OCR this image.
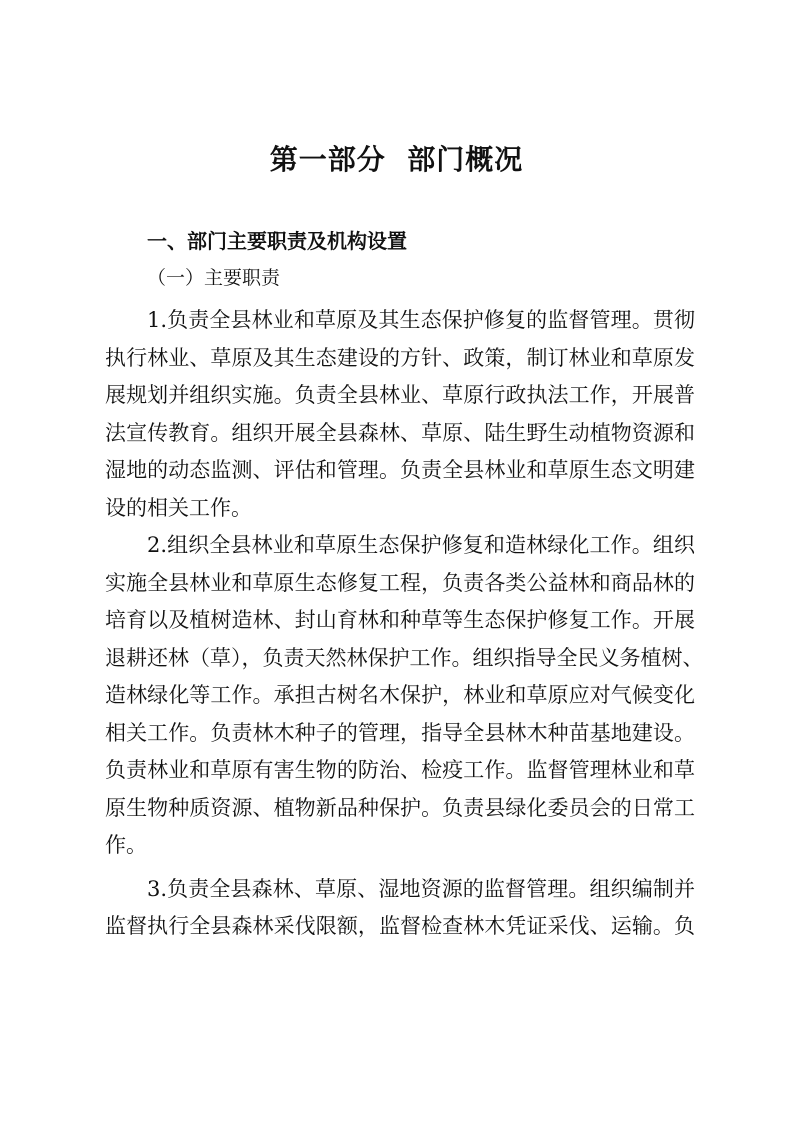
第一部分  部门概况
一、部门主要职责及机构设置
（一）主要职责
1.负责全县林业和草原及其生态保护修复的监督管理。贯彻
执行林业、草原及其生态建设的方针、政策，制订林业和草原发
展规划并组织实施。负责全县林业、草原行政执法工作，开展普
法宣传教育。组织开展全县森林、草原、陆生野生动植物资源和
湿地的动态监测、评估和管理。负责全县林业和草原生态文明建
设的相关工作。
2.组织全县林业和草原生态保护修复和造林绿化工作。组织
实施全县林业和草原生态修复工程，负责各类公益林和商品林的
培育以及植树造林、封山育林和种草等生态保护修复工作。开展
退耕还林（草），负责天然林保护工作。组织指导全民义务植树、
造林绿化等工作。承担古树名木保护，林业和草原应对气候变化
相关工作。负责林木种子的管理，指导全县林木种苗基地建设。
负责林业和草原有害生物的防治、检疫工作。监督管理林业和草
原生物种质资源、植物新品种保护。负责县绿化委员会的日常工
作。
3.负责全县森林、草原、湿地资源的监督管理。组织编制并
监督执行全县森林采伐限额，监督检查林木凭证采伐、运输。负
